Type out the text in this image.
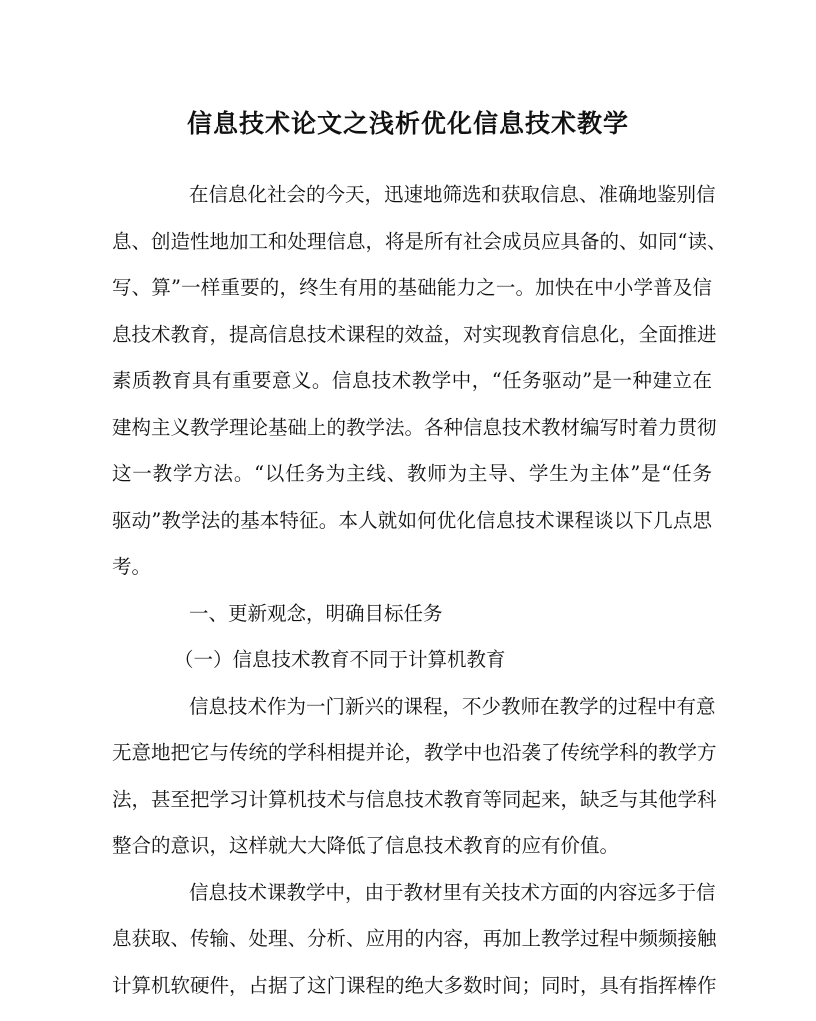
信息技术论文之浅析优化信息技术教学
在信息化社会的今天，迅速地筛选和获取信息、准确地鉴别信
息、创造性地加工和处理信息，将是所有社会成员应具备的、如同“读、
写、算”一样重要的，终生有用的基础能力之一。加快在中小学普及信
息技术教育，提高信息技术课程的效益，对实现教育信息化，全面推进
素质教育具有重要意义。信息技术教学中，“任务驱动”是一种建立在
建构主义教学理论基础上的教学法。各种信息技术教材编写时着力贯彻
这一教学方法。“以任务为主线、教师为主导、学生为主体”是“任务
驱动”教学法的基本特征。本人就如何优化信息技术课程谈以下几点思
考。
一、更新观念，明确目标任务
（一）信息技术教育不同于计算机教育
信息技术作为一门新兴的课程，不少教师在教学的过程中有意
无意地把它与传统的学科相提并论，教学中也沿袭了传统学科的教学方
法，甚至把学习计算机技术与信息技术教育等同起来，缺乏与其他学科
整合的意识，这样就大大降低了信息技术教育的应有价值。
信息技术课教学中，由于教材里有关技术方面的内容远多于信
息获取、传输、处理、分析、应用的内容，再加上教学过程中频频接触
计算机软硬件，占据了这门课程的绝大多数时间；同时，具有指挥棒作
